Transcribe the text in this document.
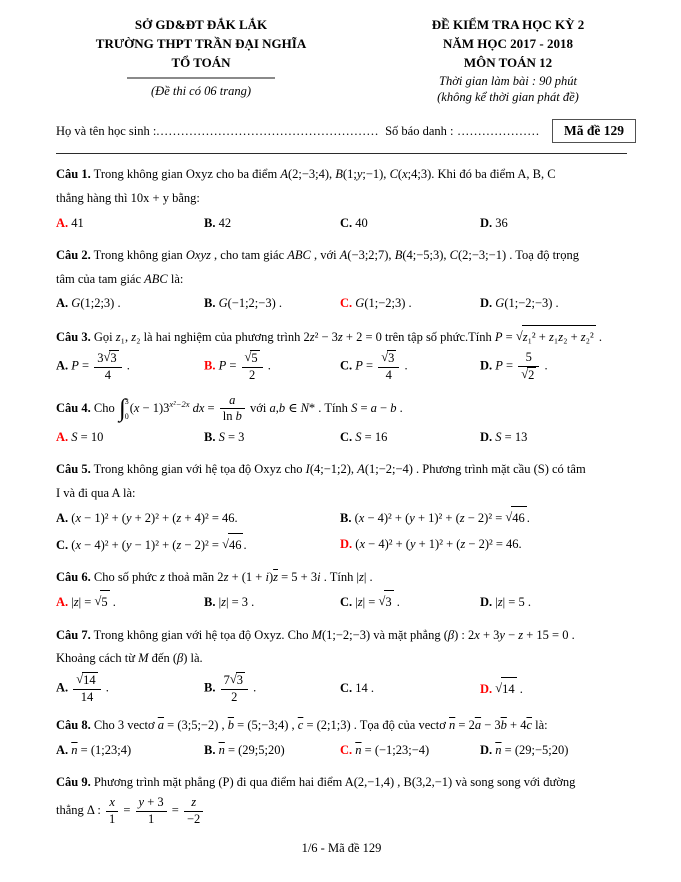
SỞ GD&ĐT ĐẮK LẮK
TRƯỜNG THPT TRẦN ĐẠI NGHĨA
TỔ TOÁN
(Đề thi có 06 trang)
ĐỀ KIỂM TRA HỌC KỲ 2
NĂM HỌC 2017 - 2018
MÔN TOÁN 12
Thời gian làm bài : 90 phút
(không kể thời gian phát đề)
Họ và tên học sinh : ...................................................... Số báo danh : ....................	Mã đề 129
Câu 1. Trong không gian Oxyz cho ba điểm A(2;−3;4), B(1;y;−1), C(x;4;3). Khi đó ba điểm A, B, C
thẳng hàng thì 10x + y bằng:
A. 41	B. 42	C. 40	D. 36
Câu 2. Trong không gian Oxyz , cho tam giác ABC , với A(−3;2;7), B(4;−5;3), C(2;−3;−1) . Toạ độ trọng
tâm của tam giác ABC là:
A. G(1;2;3) .	B. G(−1;2;−3) .	C. G(1;−2;3) .	D. G(1;−2;−3) .
Câu 3. Gọi z₁, z₂ là hai nghiệm của phương trình 2z² − 3z + 2 = 0 trên tập số phức.Tính P = √z₁² + z₁z₂ + z₂² .
A. $P = \frac{3√3}{4}$ .	B. $P = \frac{√5}{2}$ .	C. $P = \frac{√3}{4}$ .	D. $P = \frac{5}{√2}$ .
Câu 4. Cho ∫ 3
0
$(x - 1)3^{x^2-2x}$ dx = $\frac{a}{\text{ln b}}$ với a,b ∈ N* . Tính S = a − b .
A. S = 10	B. S = 3	C. S = 16	D. S = 13
Câu 5. Trong không gian với hệ tọa độ Oxyz cho I(4;−1;2), A(1;−2;−4) . Phương trình mặt cầu (S) có tâm
I và đi qua A là:
A. (x − 1)² + (y + 2)² + (z + 4)² = 46.	B. (x − 4)² + (y + 1)² + (z − 2)² = √46 .
C. (x − 4)² + (y − 1)² + (z − 2)² = √46 .	D. (x − 4)² + (y + 1)² + (z − 2)² = 46.
Câu 6. Cho số phức z thoả mãn $2z + (1 + i)\overline{z} = 5 + 3i$ . Tính |z| .
A. |z| = √5 .	B. |z| = 3 .	C. |z| = √3 .	D. |z| = 5 .
Câu 7. Trong không gian với hệ tọa độ Oxyz. Cho M(1;−2;−3) và mặt phẳng (β) : 2x + 3y − z + 15 = 0 .
Khoảng cách từ M đến (β) là.
A. $\frac{√14}{14}$ .	B. $\frac{7√3}{2}$ .	C. 14 .	D. √14 .
Câu 8. Cho 3 vectơ $\overline{a}$ = (3;5;−2) , $\overline{b}$ = (5;−3;4) , $\overline{c}$ = (2;1;3) . Tọa độ của vectơ $\overline{n} = 2\overline{a} - 3\overline{b} + 4\overline{c}$ là:
A. $\overline{n}$ = (1;23;4)	B. $\overline{n}$ = (29;5;20)	C. $\overline{n}$ = (−1;23;−4)	D. $\overline{n}$ = (29;−5;20)
Câu 9. Phương trình mặt phẳng (P) đi qua điểm hai điểm A(2,−1,4) , B(3,2,−1) và song song với đường
thẳng Δ : $\frac{x}{1} = \frac{y + 3}{1} = \frac{z}{-2}$
1/6 - Mã đề 129
